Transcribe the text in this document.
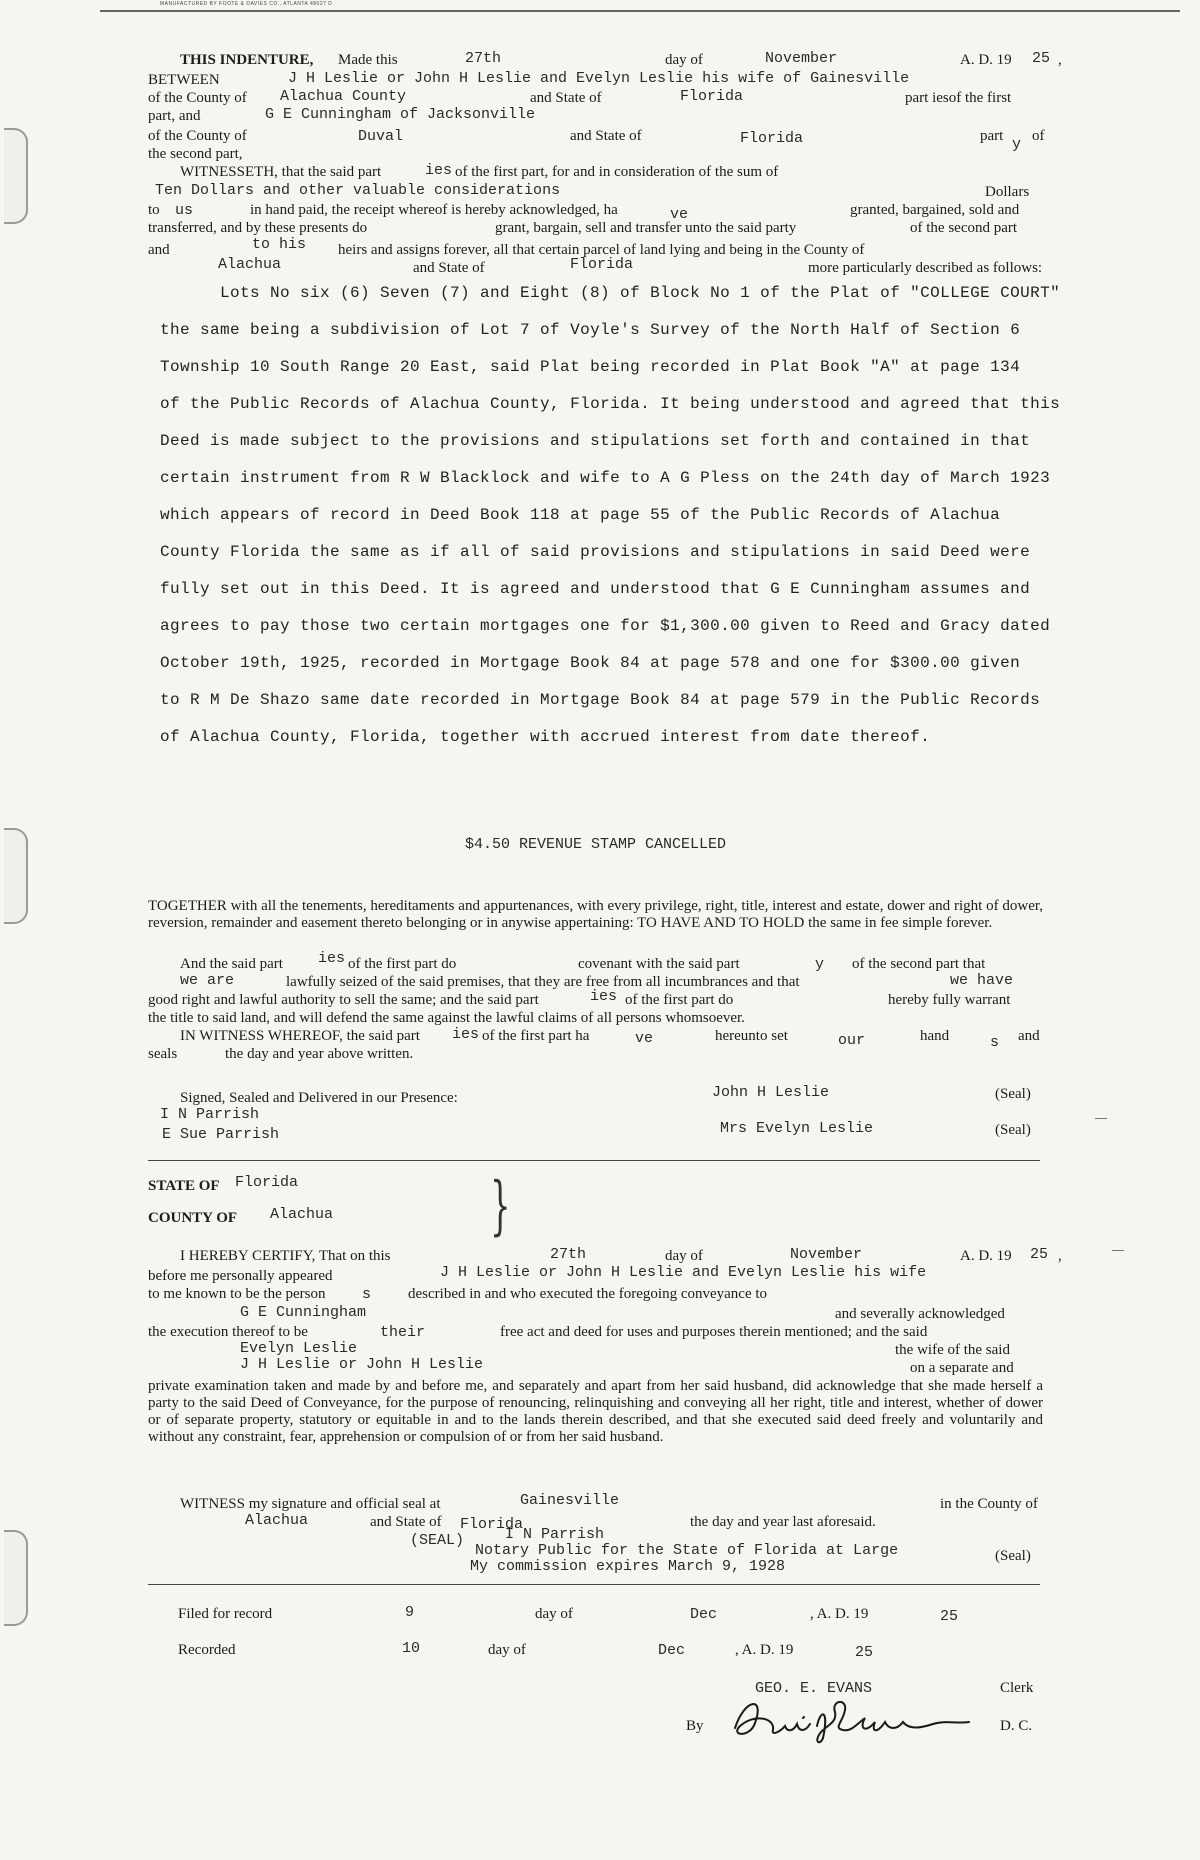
MANUFACTURED BY FOOTE & DAVIES CO., ATLANTA 48027 D
THIS INDENTURE, Made this	27th	day of	November	A. D. 19 25 ,
BETWEEN	J H Leslie or John H Leslie and Evelyn Leslie his wife of Gainesville
of the County of Alachua County	and State of	Florida	part iesof the first
part, and	G E Cunningham of Jacksonville
of the County of	Duval	and State of	Florida	part y of
the second part,
WITNESSETH, that the said part	ies of the first part, for and in consideration of the sum of
Ten Dollars and other valuable considerations	Dollars
to us	in hand paid, the receipt whereof is hereby acknowledged, ha	ve	granted, bargained, sold and
transferred, and by these presents do	grant, bargain, sell and transfer unto the said party	of the second part
and	to his heirs and assigns forever, all that certain parcel of land lying and being in the County of
Alachua	and State of	Florida	more particularly described as follows:
Lots No six (6) Seven (7) and Eight (8) of Block No 1 of the Plat of "COLLEGE COURT"
the same being a subdivision of Lot 7 of Voyle's Survey of the North Half of Section 6
Township 10 South Range 20 East, said Plat being recorded in Plat Book "A" at page 134
of the Public Records of Alachua County, Florida. It being understood and agreed that this
Deed is made subject to the provisions and stipulations set forth and contained in that
certain instrument from R W Blacklock and wife to A G Pless on the 24th day of March 1923
which appears of record in Deed Book 118 at page 55 of the Public Records of Alachua
County Florida the same as if all of said provisions and stipulations in said Deed were
fully set out in this Deed. It is agreed and understood that G E Cunningham assumes and
agrees to pay those two certain mortgages one for $1,300.00 given to Reed and Gracy dated
October 19th, 1925, recorded in Mortgage Book 84 at page 578 and one for $300.00 given
to R M De Shazo same date recorded in Mortgage Book 84 at page 579 in the Public Records
of Alachua County, Florida, together with accrued interest from date thereof.
$4.50 REVENUE STAMP CANCELLED
TOGETHER with all the tenements, hereditaments and appurtenances, with every privilege, right, title, interest and estate, dower and right of dower, reversion, remainder and easement thereto belonging or in anywise appertaining: TO HAVE AND TO HOLD the same in fee simple forever.
And the said part ies of the first part do	covenant with the said part	y of the second part that
we are	lawfully seized of the said premises, that they are free from all incumbrances and that	we have
good right and lawful authority to sell the same; and the said part	ies of the first part do	hereby fully warrant
the title to said land, and will defend the same against the lawful claims of all persons whomsoever.
IN WITNESS WHEREOF, the said part ies of the first part ha	ve	hereunto set	our	hand	s and
seals	the day and year above written.
Signed, Sealed and Delivered in our Presence:
I N Parrish
E Sue Parrish
John H Leslie
Mrs Evelyn Leslie
(Seal)
(Seal)
STATE OF Florida
COUNTY OF Alachua }
I HEREBY CERTIFY, That on this	27th	day of	November	A. D. 19 25 ,
before me personally appeared	J H Leslie or John H Leslie and Evelyn Leslie his wife
to me known to be the person s described in and who executed the foregoing conveyance to
G E Cunningham	and severally acknowledged
the execution thereof to be	their	free act and deed for uses and purposes therein mentioned; and the said
Evelyn Leslie	the wife of the said
J H Leslie or John H Leslie	on a separate and
private examination taken and made by and before me, and separately and apart from her said husband, did acknowledge that she made herself a party to the said Deed of Conveyance, for the purpose of renouncing, relinquishing and conveying all her right, title and interest, whether of dower or of separate property, statutory or equitable in and to the lands therein described, and that she executed said deed freely and voluntarily and without any constraint, fear, apprehension or compulsion of or from her said husband.
WITNESS my signature and official seal at	Gainesville	in the County of
Alachua	and State of Florida	the day and year last aforesaid.
(SEAL)	I N Parrish
Notary Public for the State of Florida at Large
My commission expires March 9, 1928
(Seal)
Filed for record	9	day of	Dec	, A. D. 19	25
Recorded	10	day of	Dec	, A. D. 19	25
GEO. E. EVANS	Clerk
By	D. C.
